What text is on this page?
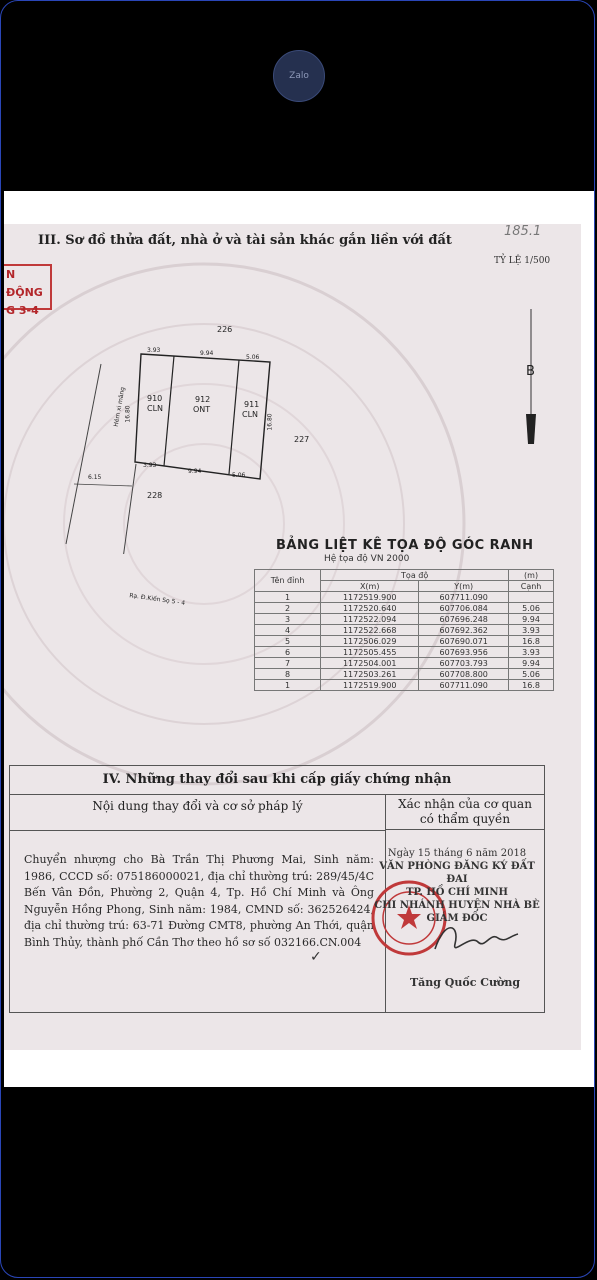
Zalo
III. Sơ đồ thửa đất, nhà ở và tài sản khác gắn liền với đất
185.1
TỶ LỆ 1/500
N ĐỘNG
G 3-4
B
226
227
228
910
CLN
912
ONT
911
CLN
3.93	9.94
5.06
3.93
9.94
5.06
16.80	16.80
6.15
Hẻm xi măng
Rạ. Đ.Kiến Sọ 5 - 4
BẢNG LIỆT KÊ TỌA ĐỘ GÓC RANH
Hệ tọa độ VN 2000
Tên đỉnh	Tọa độ		(m)
	X(m)	Y(m)	Cạnh
1	1172519.900	607711.090	
2	1172520.640	607706.084	5.06
3	1172522.094	607696.248	9.94
4	1172522.668	607692.362	3.93
5	1172506.029	607690.071	16.8
6	1172505.455	607693.956	3.93
7	1172504.001	607703.793	9.94
8	1172503.261	607708.800	5.06
1	1172519.900	607711.090	16.8
IV. Những thay đổi sau khi cấp giấy chứng nhận
Nội dung thay đổi và cơ sở pháp lý	Xác nhận của cơ quan
có thẩm quyền
Chuyển nhượng cho Bà Trần Thị Phương Mai, Sinh năm: 1986, CCCD số: 075186000021, địa chỉ thường trú: 289/45/4C Bến Vân Đồn, Phường 2, Quận 4, Tp. Hồ Chí Minh và Ông Nguyễn Hồng Phong, Sinh năm: 1984, CMND số: 362526424, địa chỉ thường trú: 63-71 Đường CMT8, phường An Thới, quận Bình Thủy, thành phố Cần Thơ theo hồ sơ số 032166.CN.004
✓
Ngày 15 tháng 6 năm 2018
VĂN PHÒNG ĐĂNG KÝ ĐẤT ĐAI
TP. HỒ CHÍ MINH
CHI NHÁNH HUYỆN NHÀ BÈ
GIÁM ĐỐC
Tăng Quốc Cường
